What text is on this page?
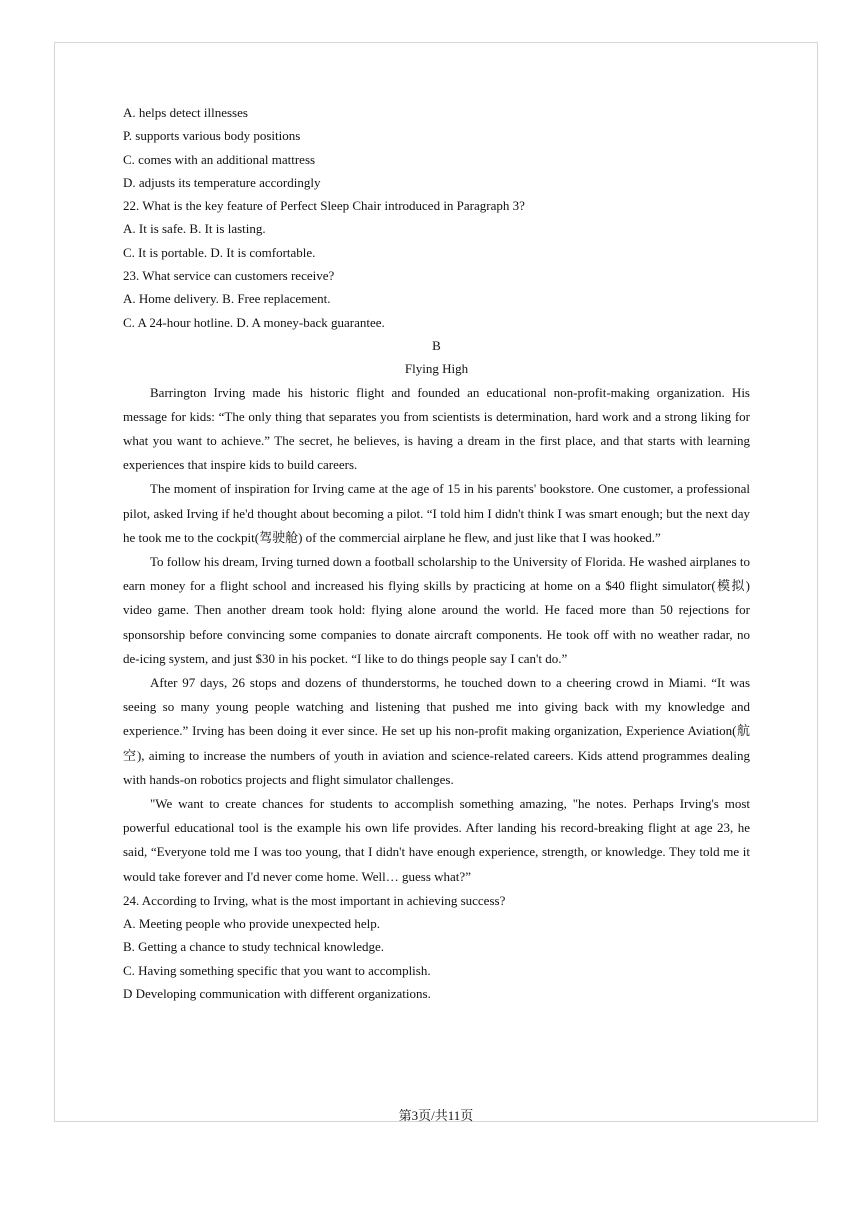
A. helps detect illnesses
P. supports various body positions
C. comes with an additional mattress
D. adjusts its temperature accordingly
22. What is the key feature of Perfect Sleep Chair introduced in Paragraph 3?
A. It is safe. B. It is lasting.
C. It is portable. D. It is comfortable.
23. What service can customers receive?
A. Home delivery. B. Free replacement.
C. A 24-hour hotline. D. A money-back guarantee.
B
Flying High

Barrington Irving made his historic flight and founded an educational non-profit-making organization. His message for kids: “The only thing that separates you from scientists is determination, hard work and a strong liking for what you want to achieve.” The secret, he believes, is having a dream in the first place, and that starts with learning experiences that inspire kids to build careers.

The moment of inspiration for Irving came at the age of 15 in his parents' bookstore. One customer, a professional pilot, asked Irving if he'd thought about becoming a pilot. “I told him I didn't think I was smart enough; but the next day he took me to the cockpit(驾驶舱) of the commercial airplane he flew, and just like that I was hooked.”

To follow his dream, Irving turned down a football scholarship to the University of Florida. He washed airplanes to earn money for a flight school and increased his flying skills by practicing at home on a $40 flight simulator(模拟) video game. Then another dream took hold: flying alone around the world. He faced more than 50 rejections for sponsorship before convincing some companies to donate aircraft components. He took off with no weather radar, no de-icing system, and just $30 in his pocket. “I like to do things people say I can't do.”

After 97 days, 26 stops and dozens of thunderstorms, he touched down to a cheering crowd in Miami. “It was seeing so many young people watching and listening that pushed me into giving back with my knowledge and experience.” Irving has been doing it ever since. He set up his non-profit making organization, Experience Aviation(航空), aiming to increase the numbers of youth in aviation and science-related careers. Kids attend programmes dealing with hands-on robotics projects and flight simulator challenges.

"We want to create chances for students to accomplish something amazing, "he notes. Perhaps Irving's most powerful educational tool is the example his own life provides. After landing his record-breaking flight at age 23, he said, “Everyone told me I was too young, that I didn't have enough experience, strength, or knowledge. They told me it would take forever and I'd never come home. Well… guess what?”

24. According to Irving, what is the most important in achieving success?
A. Meeting people who provide unexpected help.
B. Getting a chance to study technical knowledge.
C. Having something specific that you want to accomplish.
D Developing communication with different organizations.
第3页/共11页
